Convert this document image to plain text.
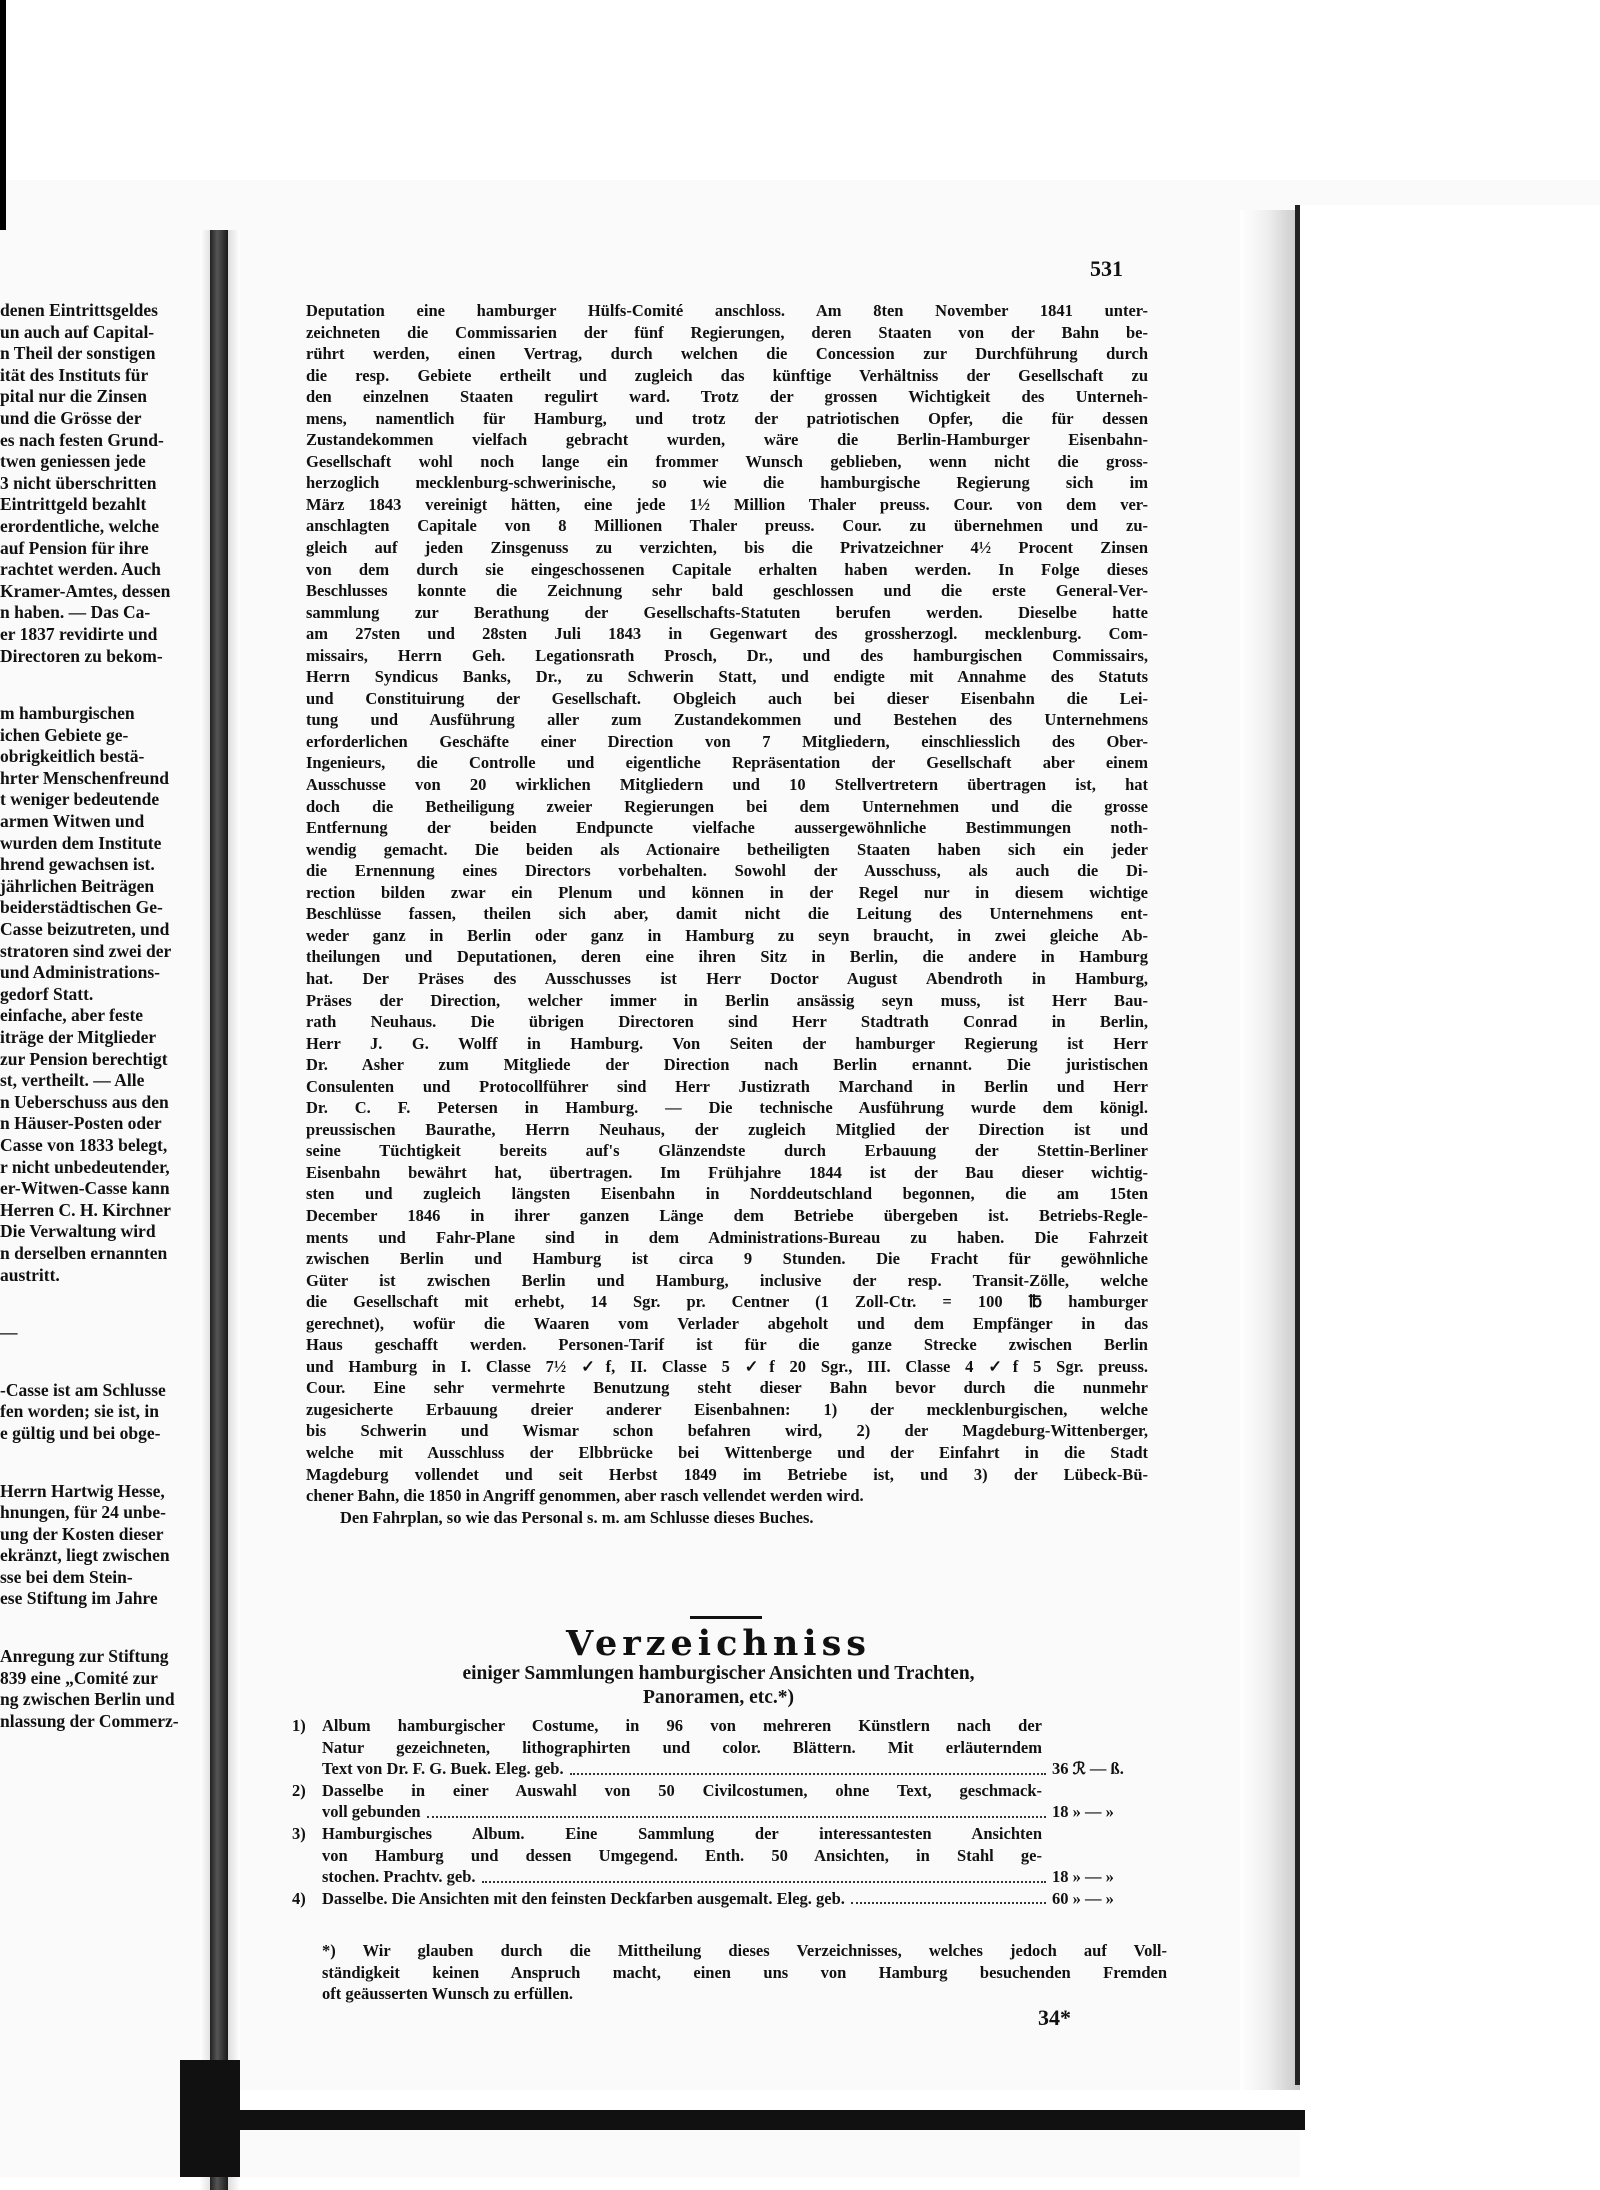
denen Eintrittsgeldes
un auch auf Capital-
n Theil der sonstigen
ität des Instituts für
pital nur die Zinsen
und die Grösse der
es nach festen Grund-
twen geniessen jede
3 nicht überschritten
Eintrittgeld bezahlt
erordentliche, welche
auf Pension für ihre
rachtet werden. Auch
Kramer-Amtes, dessen
n haben. — Das Ca-
er 1837 revidirte und
Directoren zu bekom-
m hamburgischen
ichen Gebiete ge-
obrigkeitlich bestä-
hrter Menschenfreund
t weniger bedeutende
armen Witwen und
wurden dem Institute
hrend gewachsen ist.
jährlichen Beiträgen
beiderstädtischen Ge-
Casse beizutreten, und
stratoren sind zwei der
und Administrations-
gedorf Statt.
einfache, aber feste
iträge der Mitglieder
zur Pension berechtigt
st, vertheilt. — Alle
n Ueberschuss aus den
n Häuser-Posten oder
Casse von 1833 belegt,
r nicht unbedeutender,
er-Witwen-Casse kann
Herren C. H. Kirchner
Die Verwaltung wird
n derselben ernannten
austritt.
—
-Casse ist am Schlusse
fen worden; sie ist, in
e gültig und bei obge-
Herrn Hartwig Hesse,
hnungen, für 24 unbe-
ung der Kosten dieser
ekränzt, liegt zwischen
sse bei dem Stein-
ese Stiftung im Jahre
Anregung zur Stiftung
839 eine „Comité zur
ng zwischen Berlin und
nlassung der Commerz-
531
Deputation eine hamburger Hülfs-Comité anschloss. Am 8ten November 1841 unter-
zeichneten die Commissarien der fünf Regierungen, deren Staaten von der Bahn be-
rührt werden, einen Vertrag, durch welchen die Concession zur Durchführung durch
die resp. Gebiete ertheilt und zugleich das künftige Verhältniss der Gesellschaft zu
den einzelnen Staaten regulirt ward. Trotz der grossen Wichtigkeit des Unterneh-
mens, namentlich für Hamburg, und trotz der patriotischen Opfer, die für dessen
Zustandekommen vielfach gebracht wurden, wäre die Berlin-Hamburger Eisenbahn-
Gesellschaft wohl noch lange ein frommer Wunsch geblieben, wenn nicht die gross-
herzoglich mecklenburg-schwerinische, so wie die hamburgische Regierung sich im
März 1843 vereinigt hätten, eine jede 1½ Million Thaler preuss. Cour. von dem ver-
anschlagten Capitale von 8 Millionen Thaler preuss. Cour. zu übernehmen und zu-
gleich auf jeden Zinsgenuss zu verzichten, bis die Privatzeichner 4½ Procent Zinsen
von dem durch sie eingeschossenen Capitale erhalten haben werden. In Folge dieses
Beschlusses konnte die Zeichnung sehr bald geschlossen und die erste General-Ver-
sammlung zur Berathung der Gesellschafts-Statuten berufen werden. Dieselbe hatte
am 27sten und 28sten Juli 1843 in Gegenwart des grossherzogl. mecklenburg. Com-
missairs, Herrn Geh. Legationsrath Prosch, Dr., und des hamburgischen Commissairs,
Herrn Syndicus Banks, Dr., zu Schwerin Statt, und endigte mit Annahme des Statuts
und Constituirung der Gesellschaft. Obgleich auch bei dieser Eisenbahn die Lei-
tung und Ausführung aller zum Zustandekommen und Bestehen des Unternehmens
erforderlichen Geschäfte einer Direction von 7 Mitgliedern, einschliesslich des Ober-
Ingenieurs, die Controlle und eigentliche Repräsentation der Gesellschaft aber einem
Ausschusse von 20 wirklichen Mitgliedern und 10 Stellvertretern übertragen ist, hat
doch die Betheiligung zweier Regierungen bei dem Unternehmen und die grosse
Entfernung der beiden Endpuncte vielfache aussergewöhnliche Bestimmungen noth-
wendig gemacht. Die beiden als Actionaire betheiligten Staaten haben sich ein jeder
die Ernennung eines Directors vorbehalten. Sowohl der Ausschuss, als auch die Di-
rection bilden zwar ein Plenum und können in der Regel nur in diesem wichtige
Beschlüsse fassen, theilen sich aber, damit nicht die Leitung des Unternehmens ent-
weder ganz in Berlin oder ganz in Hamburg zu seyn braucht, in zwei gleiche Ab-
theilungen und Deputationen, deren eine ihren Sitz in Berlin, die andere in Hamburg
hat. Der Präses des Ausschusses ist Herr Doctor August Abendroth in Hamburg,
Präses der Direction, welcher immer in Berlin ansässig seyn muss, ist Herr Bau-
rath Neuhaus. Die übrigen Directoren sind Herr Stadtrath Conrad in Berlin,
Herr J. G. Wolff in Hamburg. Von Seiten der hamburger Regierung ist Herr
Dr. Asher zum Mitgliede der Direction nach Berlin ernannt. Die juristischen
Consulenten und Protocollführer sind Herr Justizrath Marchand in Berlin und Herr
Dr. C. F. Petersen in Hamburg. — Die technische Ausführung wurde dem königl.
preussischen Baurathe, Herrn Neuhaus, der zugleich Mitglied der Direction ist und
seine Tüchtigkeit bereits auf's Glänzendste durch Erbauung der Stettin-Berliner
Eisenbahn bewährt hat, übertragen. Im Frühjahre 1844 ist der Bau dieser wichtig-
sten und zugleich längsten Eisenbahn in Norddeutschland begonnen, die am 15ten
December 1846 in ihrer ganzen Länge dem Betriebe übergeben ist. Betriebs-Regle-
ments und Fahr-Plane sind in dem Administrations-Bureau zu haben. Die Fahrzeit
zwischen Berlin und Hamburg ist circa 9 Stunden. Die Fracht für gewöhnliche
Güter ist zwischen Berlin und Hamburg, inclusive der resp. Transit-Zölle, welche
die Gesellschaft mit erhebt, 14 Sgr. pr. Centner (1 Zoll-Ctr. = 100 ℔ hamburger
gerechnet), wofür die Waaren vom Verlader abgeholt und dem Empfänger in das
Haus geschafft werden. Personen-Tarif ist für die ganze Strecke zwischen Berlin
und Hamburg in I. Classe 7½ ✓f, II. Classe 5 ✓f 20 Sgr., III. Classe 4 ✓f 5 Sgr. preuss.
Cour. Eine sehr vermehrte Benutzung steht dieser Bahn bevor durch die nunmehr
zugesicherte Erbauung dreier anderer Eisenbahnen: 1) der mecklenburgischen, welche
bis Schwerin und Wismar schon befahren wird, 2) der Magdeburg-Wittenberger,
welche mit Ausschluss der Elbbrücke bei Wittenberge und der Einfahrt in die Stadt
Magdeburg vollendet und seit Herbst 1849 im Betriebe ist, und 3) der Lübeck-Bü-
chener Bahn, die 1850 in Angriff genommen, aber rasch vellendet werden wird.
Den Fahrplan, so wie das Personal s. m. am Schlusse dieses Buches.
Verzeichniss
einiger Sammlungen hamburgischer Ansichten und Trachten,
Panoramen, etc.*)
1) Album hamburgischer Costume, in 96 von mehreren Künstlern nach der
Natur gezeichneten, lithographirten und color. Blättern. Mit erläuterndem
Text von Dr. F. G. Buek. Eleg. geb.	36 ℛ — ß.
2) Dasselbe in einer Auswahl von 50 Civilcostumen, ohne Text, geschmack-
voll gebunden	18 » — »
3) Hamburgisches Album. Eine Sammlung der interessantesten Ansichten
von Hamburg und dessen Umgegend. Enth. 50 Ansichten, in Stahl ge-
stochen. Prachtv. geb.	18 » — »
4) Dasselbe. Die Ansichten mit den feinsten Deckfarben ausgemalt. Eleg. geb.	60 » — »
*) Wir glauben durch die Mittheilung dieses Verzeichnisses, welches jedoch auf Voll-
ständigkeit keinen Anspruch macht, einen uns von Hamburg besuchenden Fremden
oft geäusserten Wunsch zu erfüllen.
34*
